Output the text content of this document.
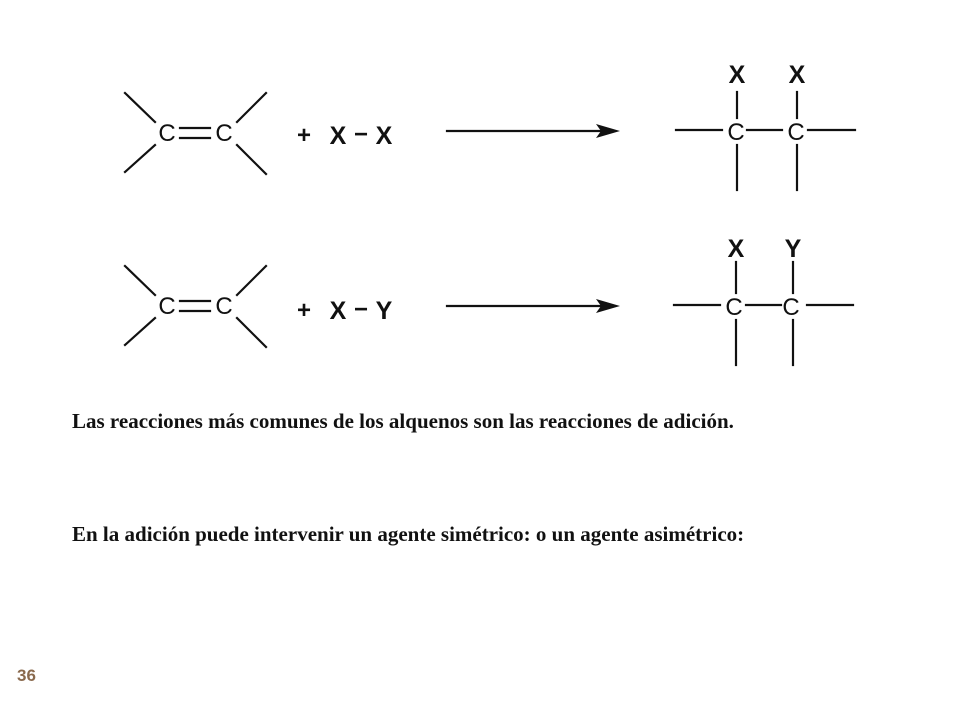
C C	+ X − X
X X
C C
C C	+ X − Y
X Y
C C

Las reacciones más comunes de los alquenos son las reacciones de adición.

En la adición puede intervenir un agente simétrico: o un agente asimétrico:

36
